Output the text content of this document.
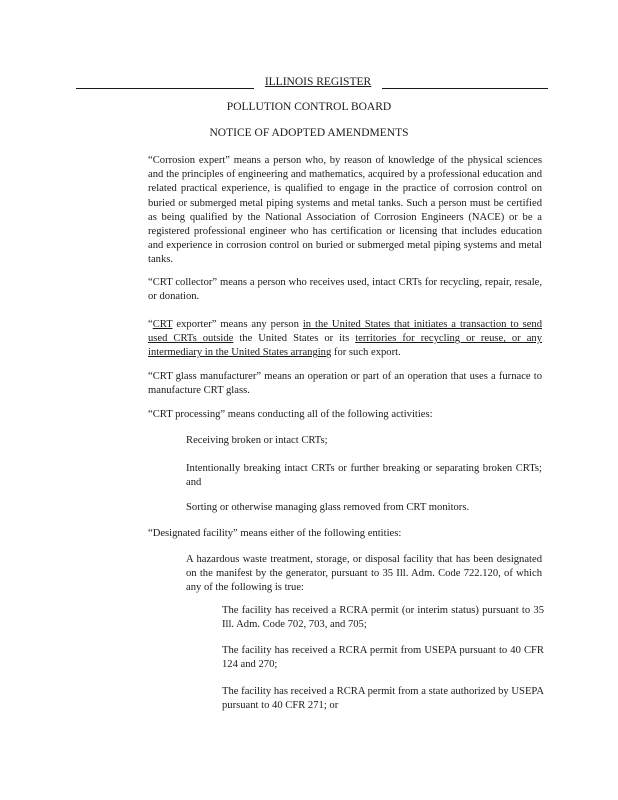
ILLINOIS REGISTER
POLLUTION CONTROL BOARD
NOTICE OF ADOPTED AMENDMENTS

“Corrosion expert” means a person who, by reason of knowledge of the physical sciences and the principles of engineering and mathematics, acquired by a professional education and related practical experience, is qualified to engage in the practice of corrosion control on buried or submerged metal piping systems and metal tanks. Such a person must be certified as being qualified by the National Association of Corrosion Engineers (NACE) or be a registered professional engineer who has certification or licensing that includes education and experience in corrosion control on buried or submerged metal piping systems and metal tanks.

“CRT collector” means a person who receives used, intact CRTs for recycling, repair, resale, or donation.

“CRT exporter” means any person in the United States that initiates a transaction to send used CRTs outside the United States or its territories for recycling or reuse, or any intermediary in the United States arranging for such export.

“CRT glass manufacturer” means an operation or part of an operation that uses a furnace to manufacture CRT glass.

“CRT processing” means conducting all of the following activities:

Receiving broken or intact CRTs;

Intentionally breaking intact CRTs or further breaking or separating broken CRTs; and

Sorting or otherwise managing glass removed from CRT monitors.

“Designated facility” means either of the following entities:

A hazardous waste treatment, storage, or disposal facility that has been designated on the manifest by the generator, pursuant to 35 Ill. Adm. Code 722.120, of which any of the following is true:

The facility has received a RCRA permit (or interim status) pursuant to 35 Ill. Adm. Code 702, 703, and 705;

The facility has received a RCRA permit from USEPA pursuant to 40 CFR 124 and 270;

The facility has received a RCRA permit from a state authorized by USEPA pursuant to 40 CFR 271; or
